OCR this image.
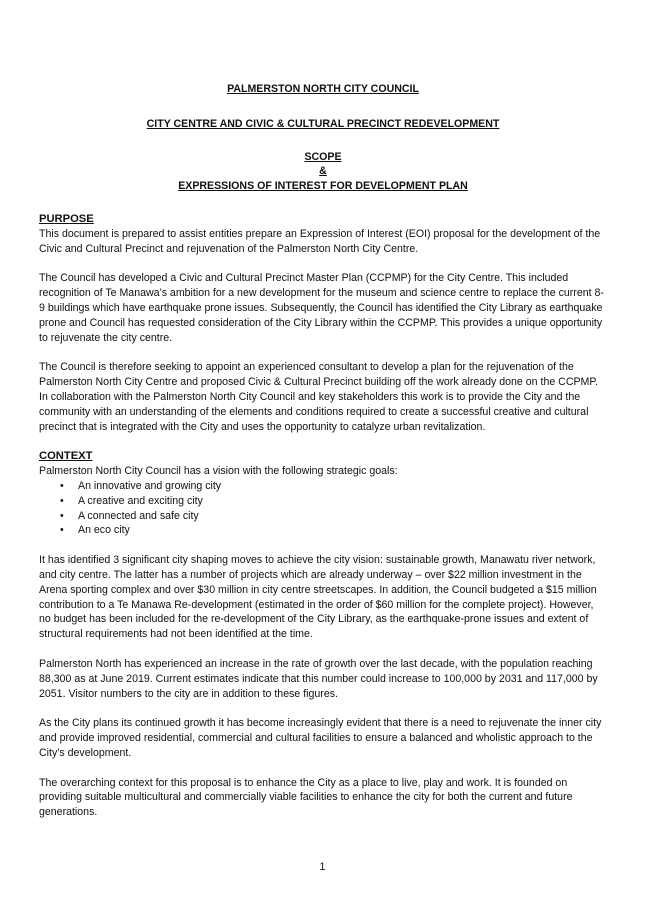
PALMERSTON NORTH CITY COUNCIL

CITY CENTRE AND CIVIC & CULTURAL PRECINCT REDEVELOPMENT

SCOPE

&

EXPRESSIONS OF INTEREST FOR DEVELOPMENT PLAN

PURPOSE

This document is prepared to assist entities prepare an Expression of Interest (EOI) proposal for the development of the Civic and Cultural Precinct and rejuvenation of the Palmerston North City Centre.

The Council has developed a Civic and Cultural Precinct Master Plan (CCPMP) for the City Centre. This included recognition of Te Manawa’s ambition for a new development for the museum and science centre to replace the current 8-9 buildings which have earthquake prone issues. Subsequently, the Council has identified the City Library as earthquake prone and Council has requested consideration of the City Library within the CCPMP. This provides a unique opportunity to rejuvenate the city centre.

The Council is therefore seeking to appoint an experienced consultant to develop a plan for the rejuvenation of the Palmerston North City Centre and proposed Civic & Cultural Precinct building off the work already done on the CCPMP. In collaboration with the Palmerston North City Council and key stakeholders this work is to provide the City and the community with an understanding of the elements and conditions required to create a successful creative and cultural precinct that is integrated with the City and uses the opportunity to catalyze urban revitalization.

CONTEXT

Palmerston North City Council has a vision with the following strategic goals:

• An innovative and growing city
• A creative and exciting city
• A connected and safe city
• An eco city

It has identified 3 significant city shaping moves to achieve the city vision: sustainable growth, Manawatu river network, and city centre. The latter has a number of projects which are already underway – over $22 million investment in the Arena sporting complex and over $30 million in city centre streetscapes. In addition, the Council budgeted a $15 million contribution to a Te Manawa Re-development (estimated in the order of $60 million for the complete project). However, no budget has been included for the re-development of the City Library, as the earthquake-prone issues and extent of structural requirements had not been identified at the time.

Palmerston North has experienced an increase in the rate of growth over the last decade, with the population reaching 88,300 as at June 2019. Current estimates indicate that this number could increase to 100,000 by 2031 and 117,000 by 2051. Visitor numbers to the city are in addition to these figures.

As the City plans its continued growth it has become increasingly evident that there is a need to rejuvenate the inner city and provide improved residential, commercial and cultural facilities to ensure a balanced and wholistic approach to the City’s development.

The overarching context for this proposal is to enhance the City as a place to live, play and work. It is founded on providing suitable multicultural and commercially viable facilities to enhance the city for both the current and future generations.

1
